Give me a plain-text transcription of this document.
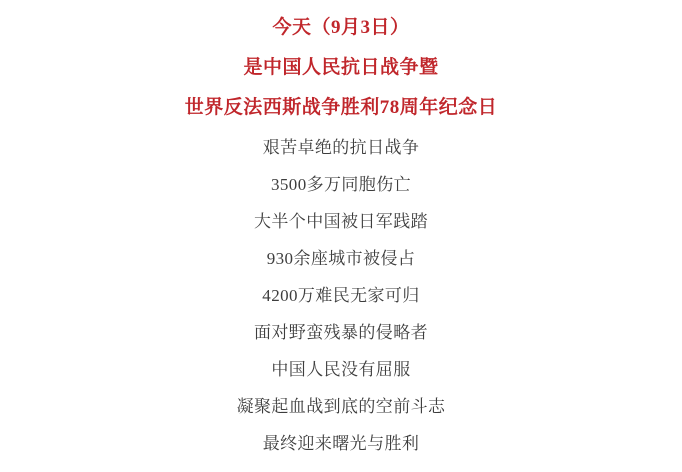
今天（9月3日）
是中国人民抗日战争暨
世界反法西斯战争胜利78周年纪念日
艰苦卓绝的抗日战争
3500多万同胞伤亡
大半个中国被日军践踏
930余座城市被侵占
4200万难民无家可归
面对野蛮残暴的侵略者
中国人民没有屈服
凝聚起血战到底的空前斗志
最终迎来曙光与胜利
